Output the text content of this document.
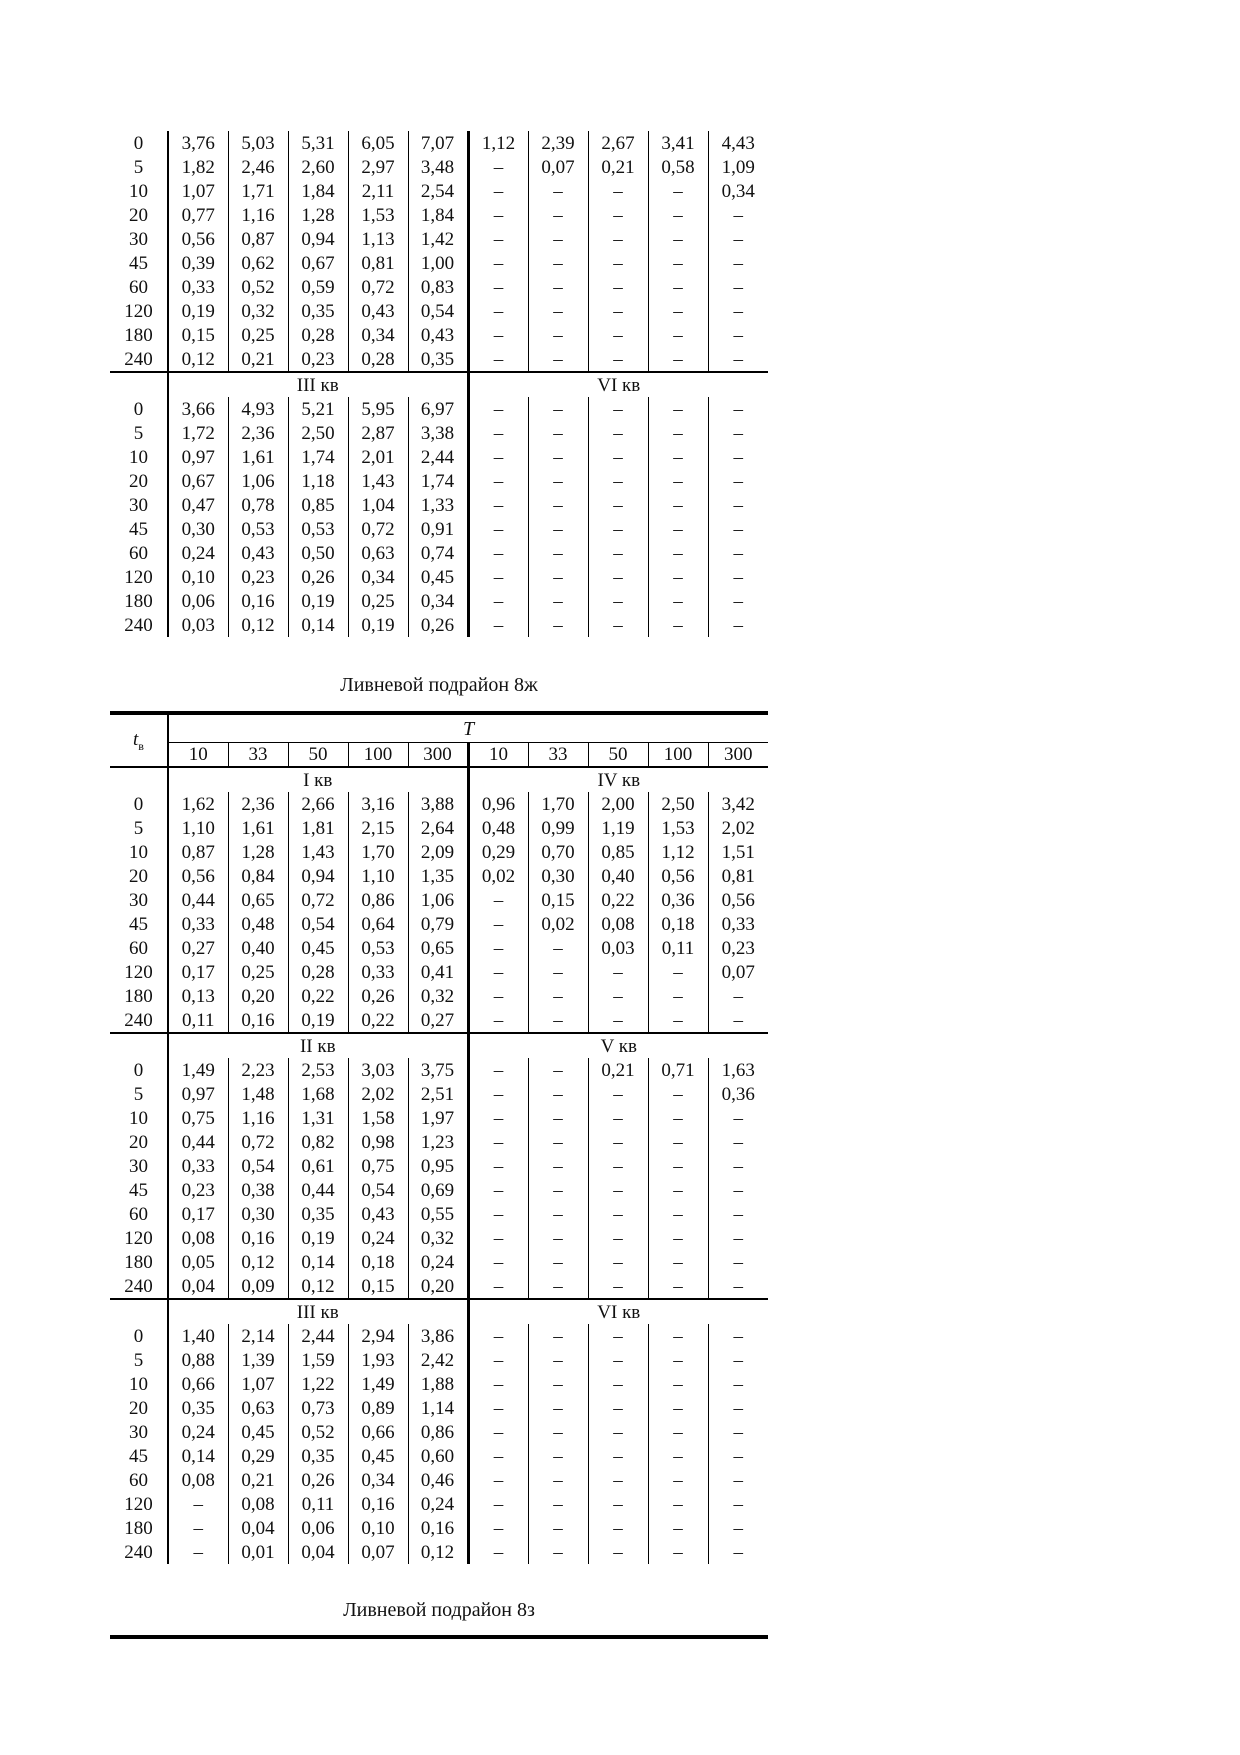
0	3,76	5,03	5,31	6,05	7,07	1,12	2,39	2,67	3,41	4,43
5	1,82	2,46	2,60	2,97	3,48	–	0,07	0,21	0,58	1,09
10	1,07	1,71	1,84	2,11	2,54	–	–	–	–	0,34
20	0,77	1,16	1,28	1,53	1,84	–	–	–	–	–
30	0,56	0,87	0,94	1,13	1,42	–	–	–	–	–
45	0,39	0,62	0,67	0,81	1,00	–	–	–	–	–
60	0,33	0,52	0,59	0,72	0,83	–	–	–	–	–
120	0,19	0,32	0,35	0,43	0,54	–	–	–	–	–
180	0,15	0,25	0,28	0,34	0,43	–	–	–	–	–
240	0,12	0,21	0,23	0,28	0,35	–	–	–	–	–
	III кв					VI кв				
0	3,66	4,93	5,21	5,95	6,97	–	–	–	–	–
5	1,72	2,36	2,50	2,87	3,38	–	–	–	–	–
10	0,97	1,61	1,74	2,01	2,44	–	–	–	–	–
20	0,67	1,06	1,18	1,43	1,74	–	–	–	–	–
30	0,47	0,78	0,85	1,04	1,33	–	–	–	–	–
45	0,30	0,53	0,53	0,72	0,91	–	–	–	–	–
60	0,24	0,43	0,50	0,63	0,74	–	–	–	–	–
120	0,10	0,23	0,26	0,34	0,45	–	–	–	–	–
180	0,06	0,16	0,19	0,25	0,34	–	–	–	–	–
240	0,03	0,12	0,14	0,19	0,26	–	–	–	–	–
Ливневой подрайон 8ж
$t_в$	T									
	10	33	50	100	300	10	33	50	100	300
	I кв					IV кв				
0	1,62	2,36	2,66	3,16	3,88	0,96	1,70	2,00	2,50	3,42
5	1,10	1,61	1,81	2,15	2,64	0,48	0,99	1,19	1,53	2,02
10	0,87	1,28	1,43	1,70	2,09	0,29	0,70	0,85	1,12	1,51
20	0,56	0,84	0,94	1,10	1,35	0,02	0,30	0,40	0,56	0,81
30	0,44	0,65	0,72	0,86	1,06	–	0,15	0,22	0,36	0,56
45	0,33	0,48	0,54	0,64	0,79	–	0,02	0,08	0,18	0,33
60	0,27	0,40	0,45	0,53	0,65	–	–	0,03	0,11	0,23
120	0,17	0,25	0,28	0,33	0,41	–	–	–	–	0,07
180	0,13	0,20	0,22	0,26	0,32	–	–	–	–	–
240	0,11	0,16	0,19	0,22	0,27	–	–	–	–	–
	II кв					V кв				
0	1,49	2,23	2,53	3,03	3,75	–	–	0,21	0,71	1,63
5	0,97	1,48	1,68	2,02	2,51	–	–	–	–	0,36
10	0,75	1,16	1,31	1,58	1,97	–	–	–	–	–
20	0,44	0,72	0,82	0,98	1,23	–	–	–	–	–
30	0,33	0,54	0,61	0,75	0,95	–	–	–	–	–
45	0,23	0,38	0,44	0,54	0,69	–	–	–	–	–
60	0,17	0,30	0,35	0,43	0,55	–	–	–	–	–
120	0,08	0,16	0,19	0,24	0,32	–	–	–	–	–
180	0,05	0,12	0,14	0,18	0,24	–	–	–	–	–
240	0,04	0,09	0,12	0,15	0,20	–	–	–	–	–
	III кв					VI кв				
0	1,40	2,14	2,44	2,94	3,86	–	–	–	–	–
5	0,88	1,39	1,59	1,93	2,42	–	–	–	–	–
10	0,66	1,07	1,22	1,49	1,88	–	–	–	–	–
20	0,35	0,63	0,73	0,89	1,14	–	–	–	–	–
30	0,24	0,45	0,52	0,66	0,86	–	–	–	–	–
45	0,14	0,29	0,35	0,45	0,60	–	–	–	–	–
60	0,08	0,21	0,26	0,34	0,46	–	–	–	–	–
120	–	0,08	0,11	0,16	0,24	–	–	–	–	–
180	–	0,04	0,06	0,10	0,16	–	–	–	–	–
240	–	0,01	0,04	0,07	0,12	–	–	–	–	–
Ливневой подрайон 8з
